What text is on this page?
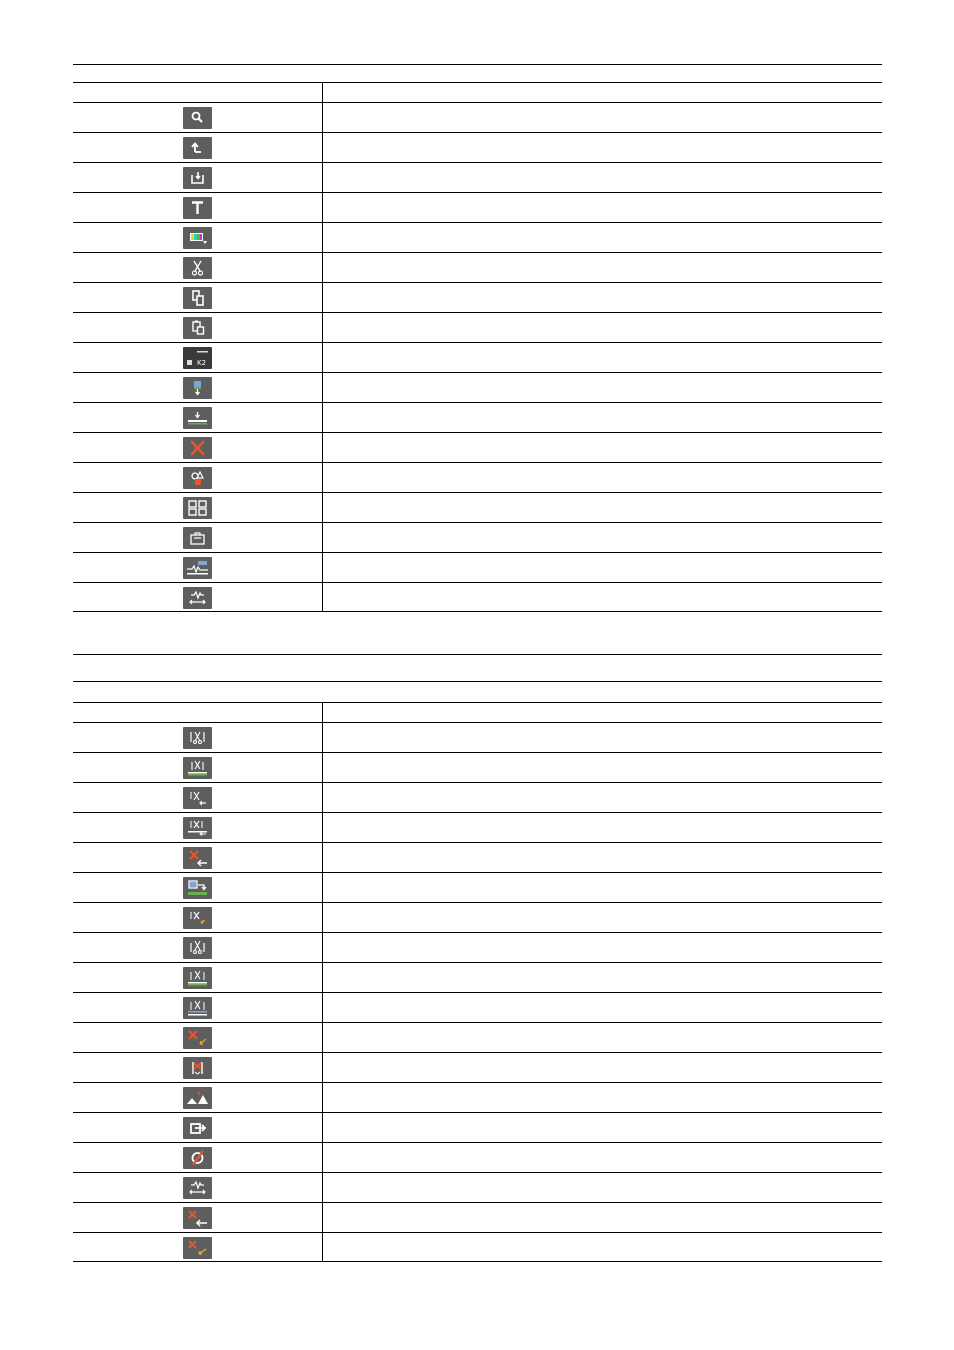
K2
